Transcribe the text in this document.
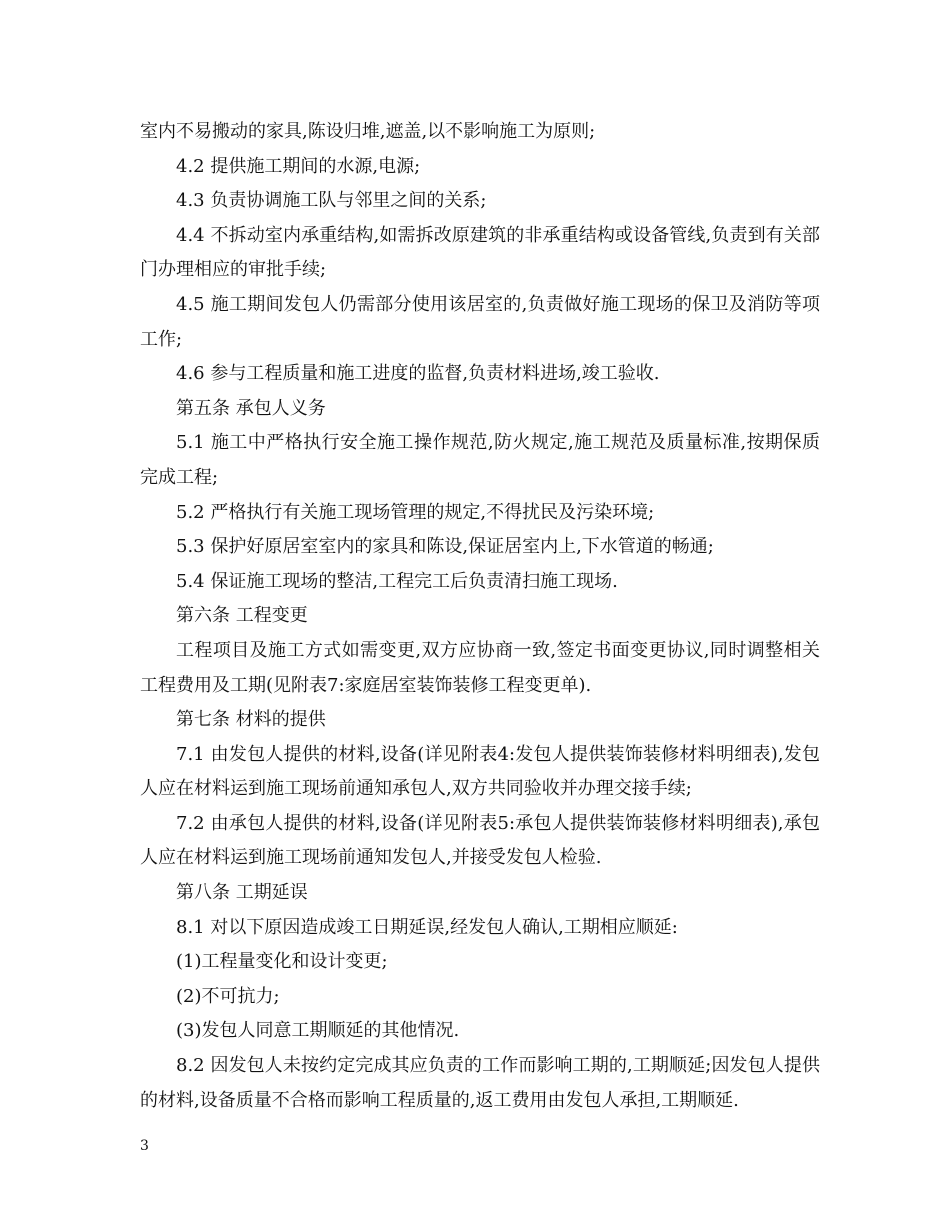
室内不易搬动的家具,陈设归堆,遮盖,以不影响施工为原则;

4.2 提供施工期间的水源,电源;

4.3 负责协调施工队与邻里之间的关系;

4.4 不拆动室内承重结构,如需拆改原建筑的非承重结构或设备管线,负责到有关部门办理相应的审批手续;

4.5 施工期间发包人仍需部分使用该居室的,负责做好施工现场的保卫及消防等项工作;

4.6 参与工程质量和施工进度的监督,负责材料进场,竣工验收.

第五条 承包人义务

5.1 施工中严格执行安全施工操作规范,防火规定,施工规范及质量标准,按期保质完成工程;

5.2 严格执行有关施工现场管理的规定,不得扰民及污染环境;

5.3 保护好原居室室内的家具和陈设,保证居室内上,下水管道的畅通;

5.4 保证施工现场的整洁,工程完工后负责清扫施工现场.

第六条 工程变更

工程项目及施工方式如需变更,双方应协商一致,签定书面变更协议,同时调整相关工程费用及工期(见附表7:家庭居室装饰装修工程变更单).

第七条 材料的提供

7.1 由发包人提供的材料,设备(详见附表4:发包人提供装饰装修材料明细表),发包人应在材料运到施工现场前通知承包人,双方共同验收并办理交接手续;

7.2 由承包人提供的材料,设备(详见附表5:承包人提供装饰装修材料明细表),承包人应在材料运到施工现场前通知发包人,并接受发包人检验.

第八条 工期延误

8.1 对以下原因造成竣工日期延误,经发包人确认,工期相应顺延:

(1)工程量变化和设计变更;

(2)不可抗力;

(3)发包人同意工期顺延的其他情况.

8.2 因发包人未按约定完成其应负责的工作而影响工期的,工期顺延;因发包人提供的材料,设备质量不合格而影响工程质量的,返工费用由发包人承担,工期顺延.

3
